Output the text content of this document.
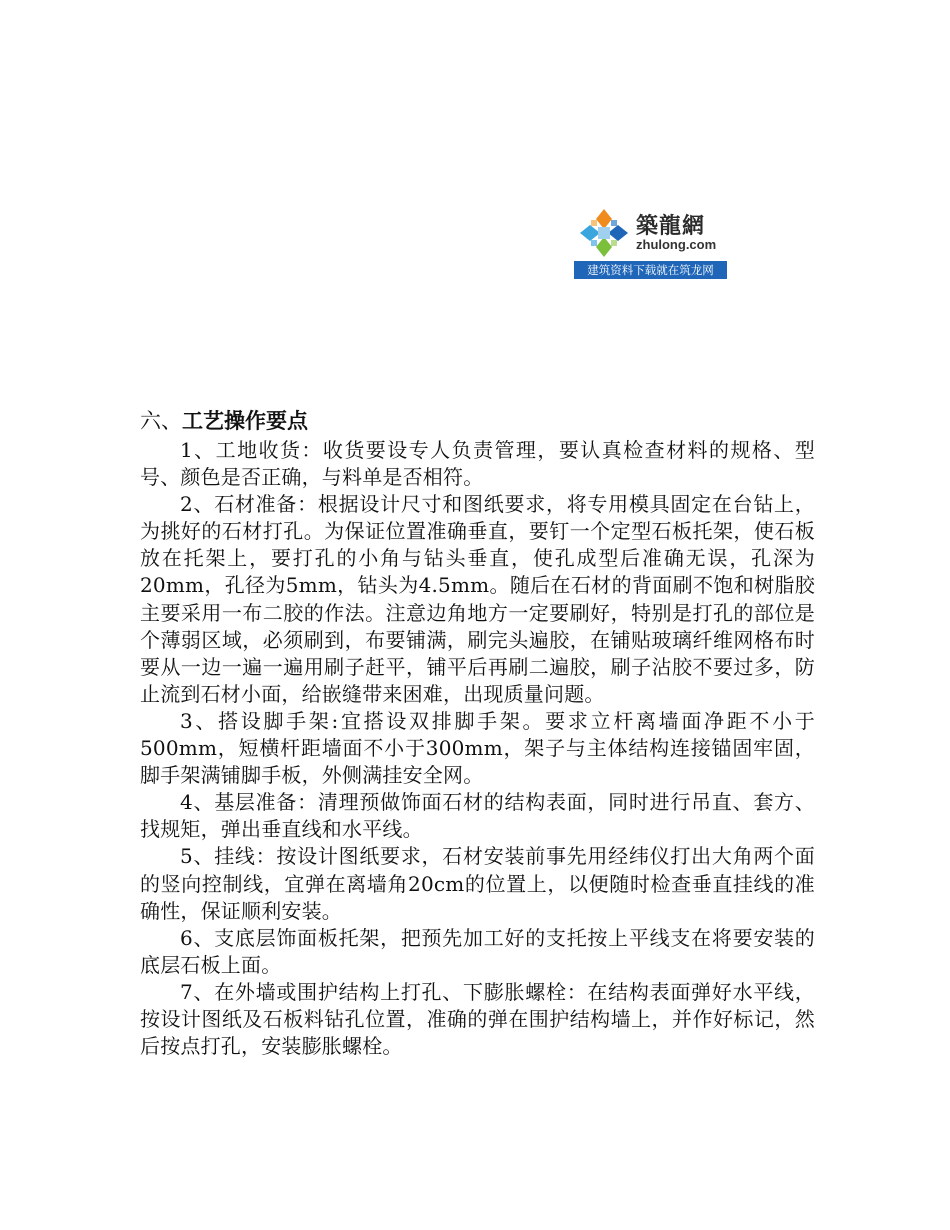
築龍網
zhulong.com
建筑资料下载就在筑龙网
六、工艺操作要点

1、工地收货：收货要设专人负责管理，要认真检查材料的规格、型号、颜色是否正确，与料单是否相符。

2、石材准备：根据设计尺寸和图纸要求，将专用模具固定在台钻上，为挑好的石材打孔。为保证位置准确垂直，要钉一个定型石板托架，使石板放在托架上，要打孔的小角与钻头垂直，使孔成型后准确无误，孔深为20mm，孔径为5mm，钻头为4.5mm。随后在石材的背面刷不饱和树脂胶主要采用一布二胶的作法。注意边角地方一定要刷好，特别是打孔的部位是个薄弱区域，必须刷到，布要铺满，刷完头遍胶，在铺贴玻璃纤维网格布时要从一边一遍一遍用刷子赶平，铺平后再刷二遍胶，刷子沾胶不要过多，防止流到石材小面，给嵌缝带来困难，出现质量问题。

3、搭设脚手架:宜搭设双排脚手架。要求立杆离墙面净距不小于500mm，短横杆距墙面不小于300mm，架子与主体结构连接锚固牢固，脚手架满铺脚手板，外侧满挂安全网。

4、基层准备：清理预做饰面石材的结构表面，同时进行吊直、套方、找规矩，弹出垂直线和水平线。

5、挂线：按设计图纸要求，石材安装前事先用经纬仪打出大角两个面的竖向控制线，宜弹在离墙角20cm的位置上，以便随时检查垂直挂线的准确性，保证顺利安装。

6、支底层饰面板托架，把预先加工好的支托按上平线支在将要安装的底层石板上面。

7、在外墙或围护结构上打孔、下膨胀螺栓：在结构表面弹好水平线，按设计图纸及石板料钻孔位置，准确的弹在围护结构墙上，并作好标记，然后按点打孔，安装膨胀螺栓。
